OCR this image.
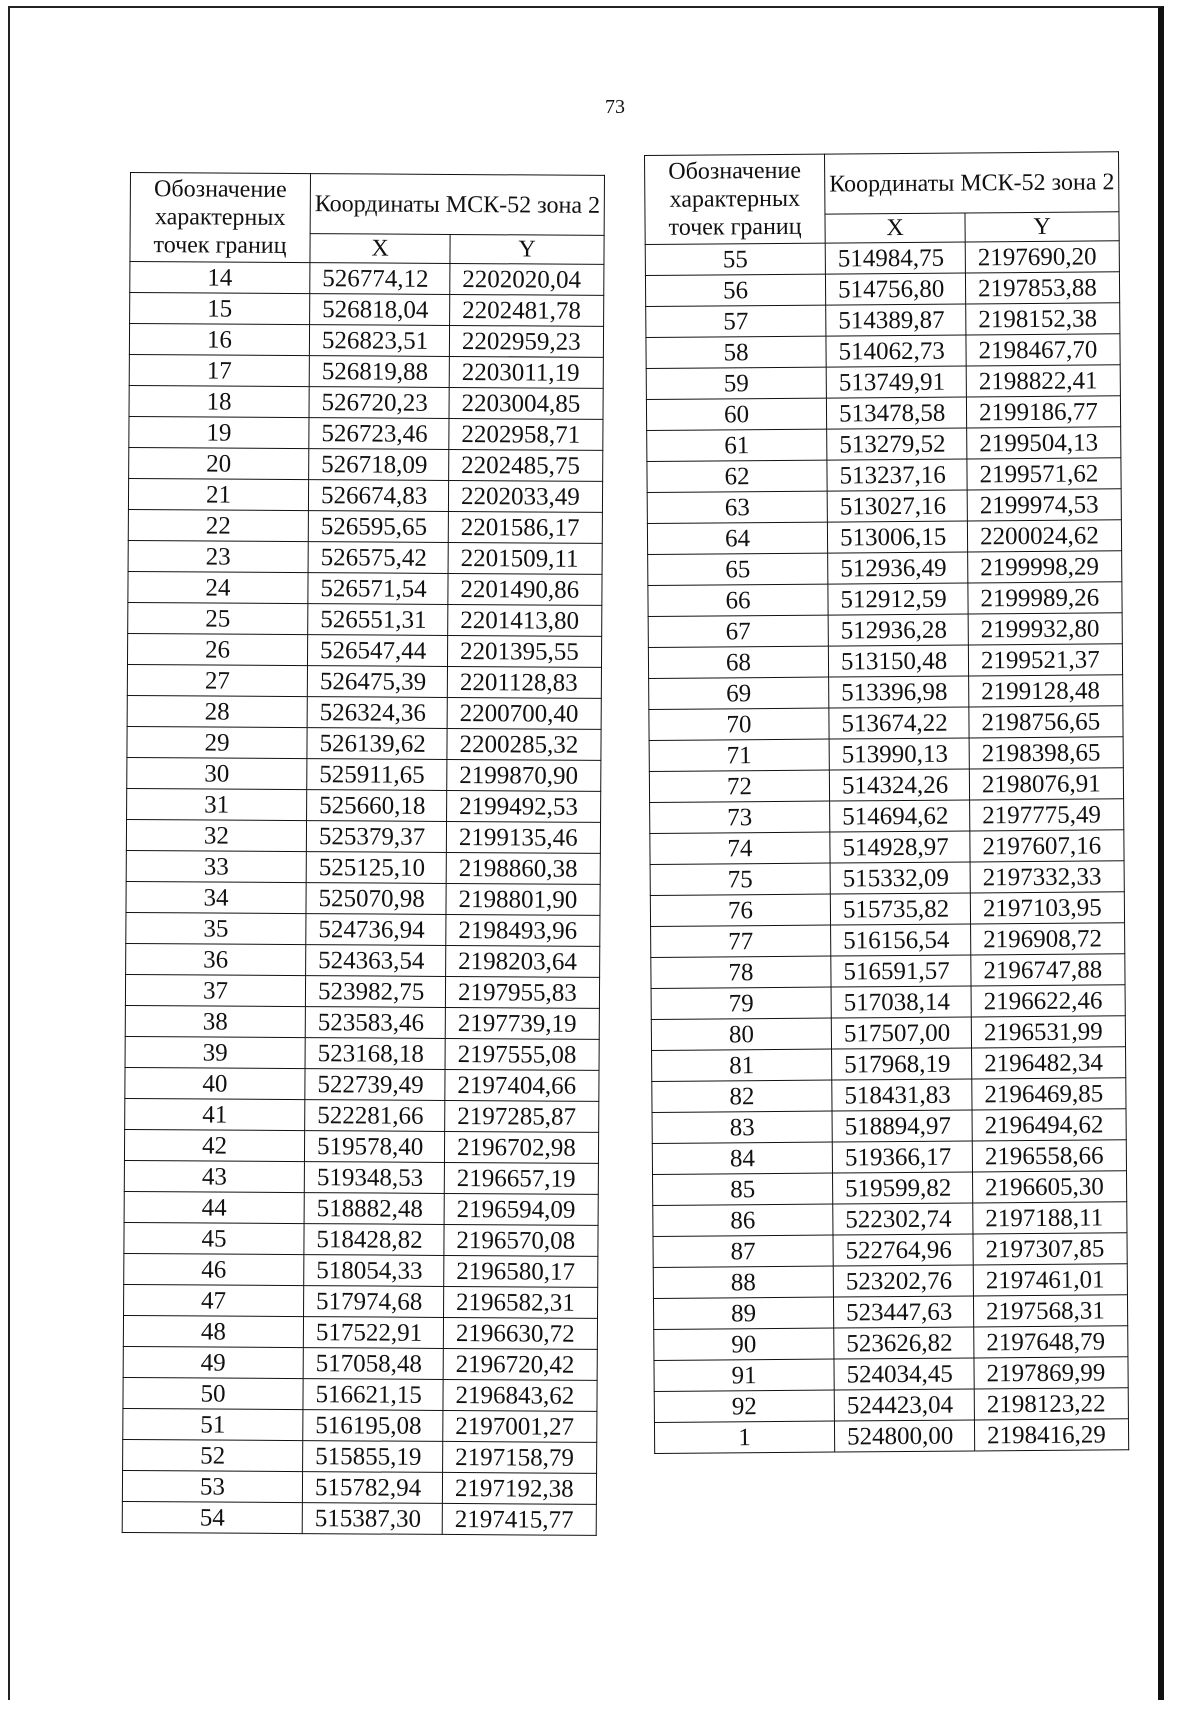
73
Обозначение характерных точек границ	Координаты МСК-52 зона 2	
	X	Y
14	526774,12	2202020,04
15	526818,04	2202481,78
16	526823,51	2202959,23
17	526819,88	2203011,19
18	526720,23	2203004,85
19	526723,46	2202958,71
20	526718,09	2202485,75
21	526674,83	2202033,49
22	526595,65	2201586,17
23	526575,42	2201509,11
24	526571,54	2201490,86
25	526551,31	2201413,80
26	526547,44	2201395,55
27	526475,39	2201128,83
28	526324,36	2200700,40
29	526139,62	2200285,32
30	525911,65	2199870,90
31	525660,18	2199492,53
32	525379,37	2199135,46
33	525125,10	2198860,38
34	525070,98	2198801,90
35	524736,94	2198493,96
36	524363,54	2198203,64
37	523982,75	2197955,83
38	523583,46	2197739,19
39	523168,18	2197555,08
40	522739,49	2197404,66
41	522281,66	2197285,87
42	519578,40	2196702,98
43	519348,53	2196657,19
44	518882,48	2196594,09
45	518428,82	2196570,08
46	518054,33	2196580,17
47	517974,68	2196582,31
48	517522,91	2196630,72
49	517058,48	2196720,42
50	516621,15	2196843,62
51	516195,08	2197001,27
52	515855,19	2197158,79
53	515782,94	2197192,38
54	515387,30	2197415,77
Обозначение характерных точек границ	Координаты МСК-52 зона 2	
	X	Y
55	514984,75	2197690,20
56	514756,80	2197853,88
57	514389,87	2198152,38
58	514062,73	2198467,70
59	513749,91	2198822,41
60	513478,58	2199186,77
61	513279,52	2199504,13
62	513237,16	2199571,62
63	513027,16	2199974,53
64	513006,15	2200024,62
65	512936,49	2199998,29
66	512912,59	2199989,26
67	512936,28	2199932,80
68	513150,48	2199521,37
69	513396,98	2199128,48
70	513674,22	2198756,65
71	513990,13	2198398,65
72	514324,26	2198076,91
73	514694,62	2197775,49
74	514928,97	2197607,16
75	515332,09	2197332,33
76	515735,82	2197103,95
77	516156,54	2196908,72
78	516591,57	2196747,88
79	517038,14	2196622,46
80	517507,00	2196531,99
81	517968,19	2196482,34
82	518431,83	2196469,85
83	518894,97	2196494,62
84	519366,17	2196558,66
85	519599,82	2196605,30
86	522302,74	2197188,11
87	522764,96	2197307,85
88	523202,76	2197461,01
89	523447,63	2197568,31
90	523626,82	2197648,79
91	524034,45	2197869,99
92	524423,04	2198123,22
1	524800,00	2198416,29
